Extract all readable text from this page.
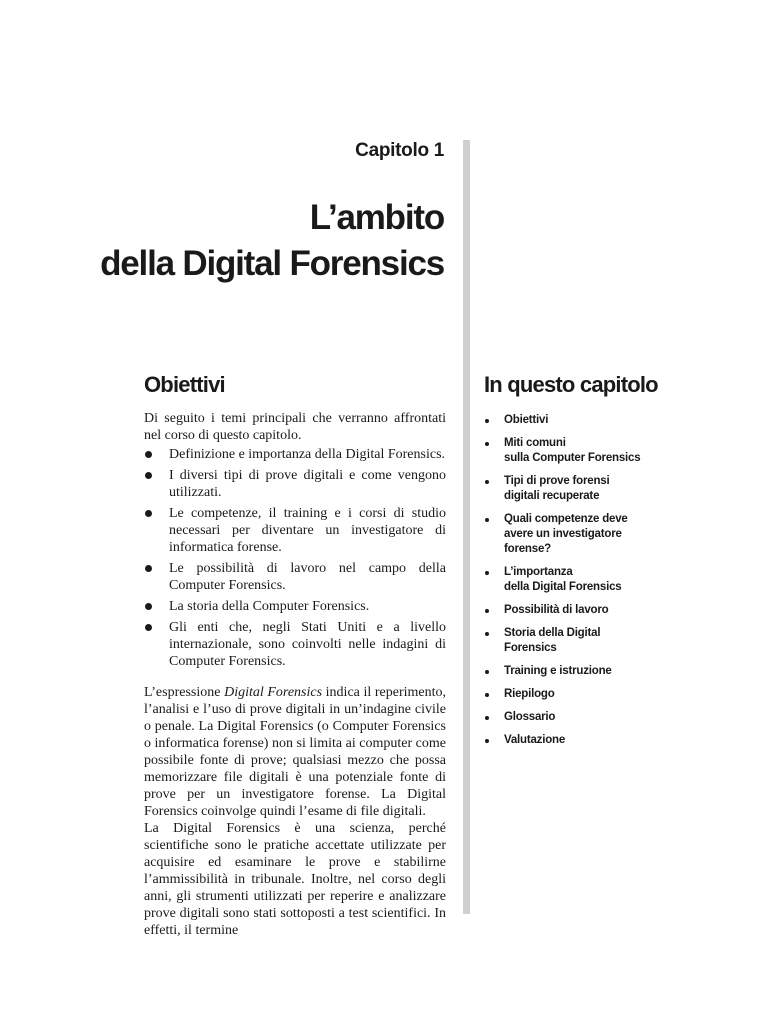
Capitolo 1
L’ambito
della Digital Forensics
Obiettivi

Di seguito i temi principali che verranno affrontati nel corso di questo capitolo.

Definizione e importanza della Digital Forensics.
I diversi tipi di prove digitali e come vengono utilizzati.
Le competenze, il training e i corsi di studio necessari per diventare un investigatore di informatica forense.
Le possibilità di lavoro nel campo della Computer Forensics.
La storia della Computer Forensics.
Gli enti che, negli Stati Uniti e a livello internazionale, sono coinvolti nelle indagini di Computer Forensics.

L’espressione Digital Forensics indica il reperimento, l’analisi e l’uso di prove digitali in un’indagine civile o penale. La Digital Forensics (o Computer Forensics o informatica forense) non si limita ai computer come possibile fonte di prove; qualsiasi mezzo che possa memorizzare file digitali è una potenziale fonte di prove per un investigatore forense. La Digital Forensics coinvolge quindi l’esame di file digitali.

La Digital Forensics è una scienza, perché scientifiche sono le pratiche accettate utilizzate per acquisire ed esaminare le prove e stabilirne l’ammissibilità in tribunale. Inoltre, nel corso degli anni, gli strumenti utilizzati per reperire e analizzare prove digitali sono stati sottoposti a test scientifici. In effetti, il termine

In questo capitolo
Obiettivi
Miti comuni
sulla Computer Forensics
Tipi di prove forensi
digitali recuperate
Quali competenze deve
avere un investigatore
forense?
L’importanza
della Digital Forensics
Possibilità di lavoro
Storia della Digital
Forensics
Training e istruzione
Riepilogo
Glossario
Valutazione
